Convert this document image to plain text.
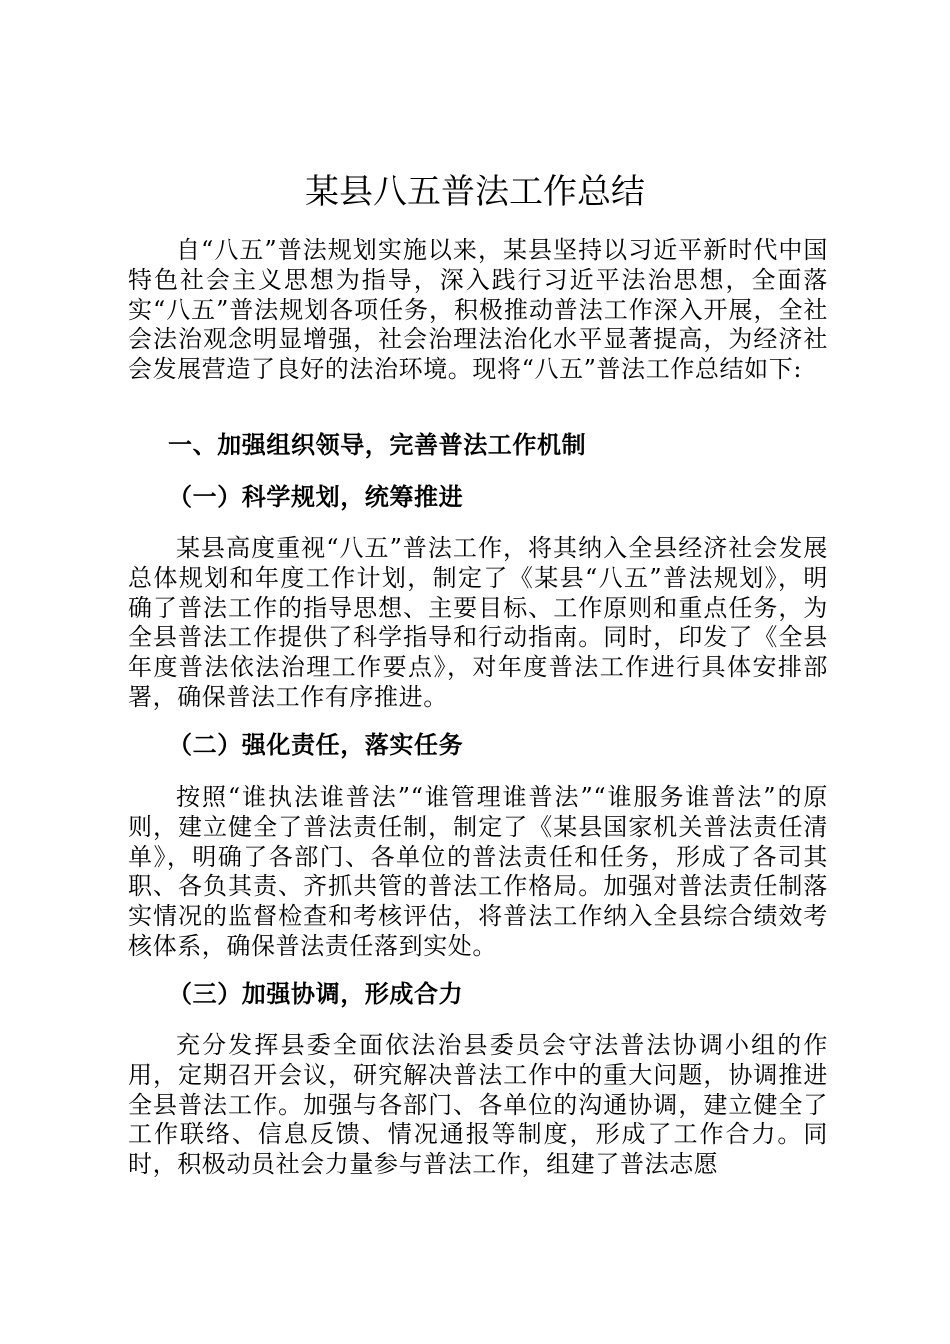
某县八五普法工作总结

自“八五”普法规划实施以来，某县坚持以习近平新时代中国特色社会主义思想为指导，深入践行习近平法治思想，全面落实“八五”普法规划各项任务，积极推动普法工作深入开展，全社会法治观念明显增强，社会治理法治化水平显著提高，为经济社会发展营造了良好的法治环境。现将“八五”普法工作总结如下:

一、加强组织领导，完善普法工作机制
（一）科学规划，统筹推进

某县高度重视“八五”普法工作，将其纳入全县经济社会发展总体规划和年度工作计划，制定了《某县“八五”普法规划》，明确了普法工作的指导思想、主要目标、工作原则和重点任务，为全县普法工作提供了科学指导和行动指南。同时，印发了《全县年度普法依法治理工作要点》，对年度普法工作进行具体安排部署，确保普法工作有序推进。

（二）强化责任，落实任务

按照“谁执法谁普法”“谁管理谁普法”“谁服务谁普法”的原则，建立健全了普法责任制，制定了《某县国家机关普法责任清单》，明确了各部门、各单位的普法责任和任务，形成了各司其职、各负其责、齐抓共管的普法工作格局。加强对普法责任制落实情况的监督检查和考核评估，将普法工作纳入全县综合绩效考核体系，确保普法责任落到实处。

（三）加强协调，形成合力

充分发挥县委全面依法治县委员会守法普法协调小组的作用，定期召开会议，研究解决普法工作中的重大问题，协调推进全县普法工作。加强与各部门、各单位的沟通协调，建立健全了工作联络、信息反馈、情况通报等制度，形成了工作合力。同时，积极动员社会力量参与普法工作，组建了普法志愿
